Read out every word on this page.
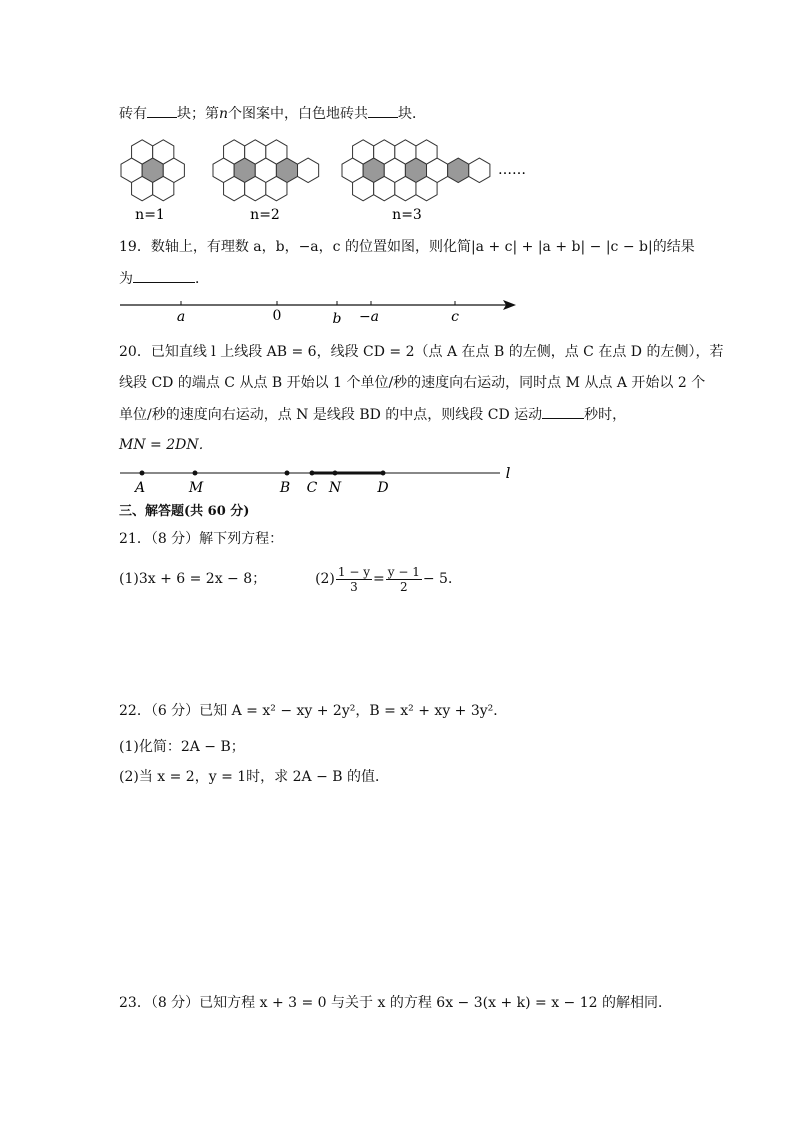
砖有 块；第n个图案中，白色地砖共 块．
n=1	n=2	n=3
……
19．数轴上，有理数 a，b，−a，c 的位置如图，则化简|a + c| + |a + b| − |c − b|的结果
为	．
a	0	b −a	c
20．已知直线 l 上线段 AB = 6，线段 CD = 2（点 A 在点 B 的左侧，点 C 在点 D 的左侧），若
线段 CD 的端点 C 从点 B 开始以 1 个单位/秒的速度向右运动，同时点 M 从点 A 开始以 2 个
单位/秒的速度向右运动，点 N 是线段 BD 的中点，则线段 CD 运动	秒时，
MN = 2DN．
A	M	B C N	D
l
三、解答题(共 60 分)
21．（8 分）解下列方程：
(1)3x + 6 = 2x − 8；	$(2) \frac{1 - y}{3} = \frac{y - 1}{2} - 5$．
22．（6 分）已知 A = x² − xy + 2y²，B = x² + xy + 3y²．
(1)化简：2A − B；
(2)当 x = 2，y = 1时，求 2A − B 的值．
23．（8 分）已知方程 x + 3 = 0 与关于 x 的方程 6x − 3(x + k) = x − 12 的解相同．
